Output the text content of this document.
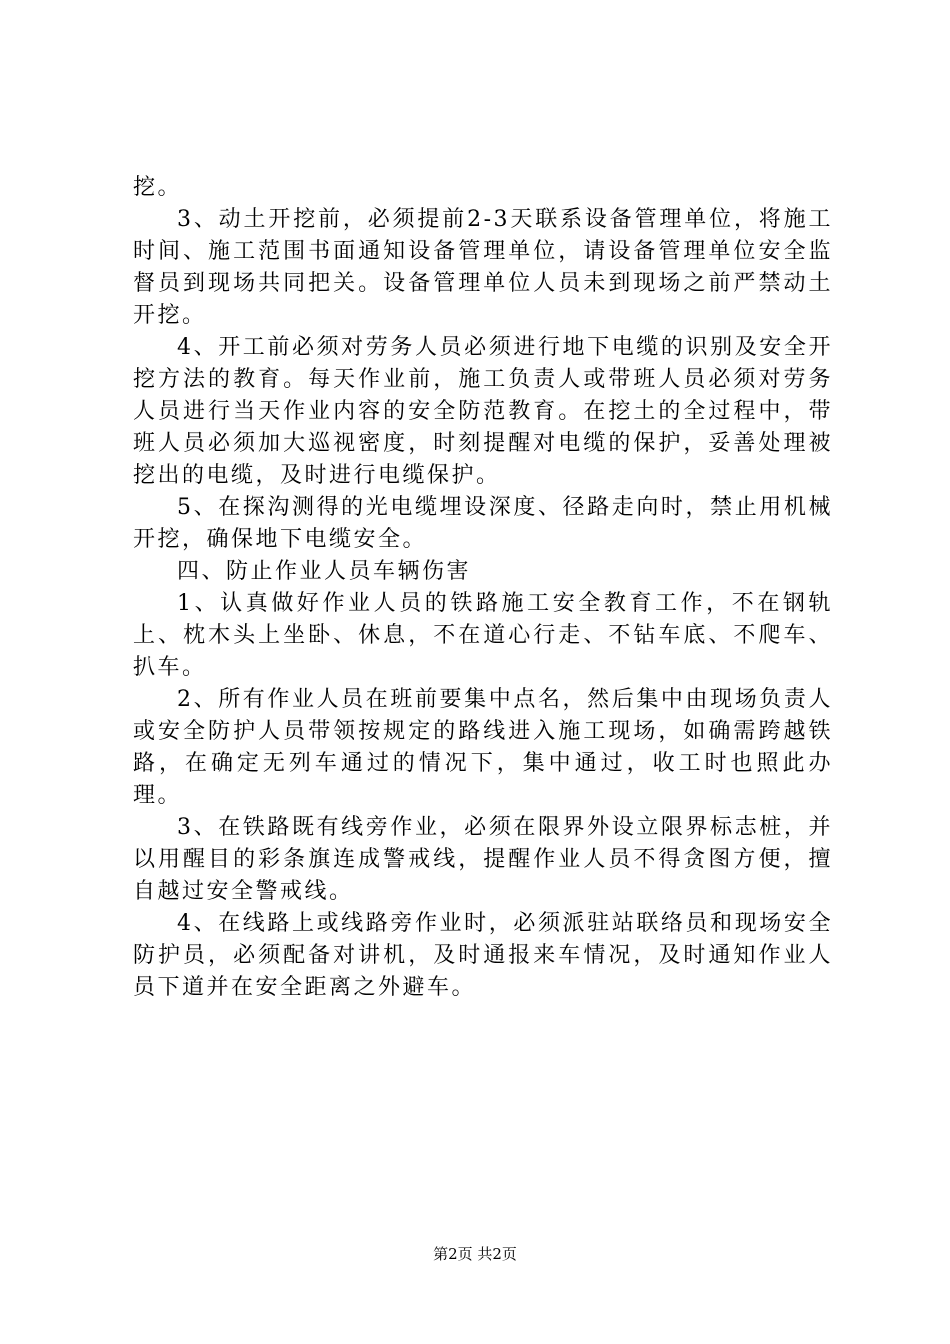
挖。

3、动土开挖前，必须提前2-3天联系设备管理单位，将施工时间、施工范围书面通知设备管理单位，请设备管理单位安全监督员到现场共同把关。设备管理单位人员未到现场之前严禁动土开挖。

4、开工前必须对劳务人员必须进行地下电缆的识别及安全开挖方法的教育。每天作业前，施工负责人或带班人员必须对劳务人员进行当天作业内容的安全防范教育。在挖土的全过程中，带班人员必须加大巡视密度，时刻提醒对电缆的保护，妥善处理被挖出的电缆，及时进行电缆保护。

5、在探沟测得的光电缆埋设深度、径路走向时，禁止用机械开挖，确保地下电缆安全。

四、防止作业人员车辆伤害

1、认真做好作业人员的铁路施工安全教育工作，不在钢轨上、枕木头上坐卧、休息，不在道心行走、不钻车底、不爬车、扒车。

2、所有作业人员在班前要集中点名，然后集中由现场负责人或安全防护人员带领按规定的路线进入施工现场，如确需跨越铁路，在确定无列车通过的情况下，集中通过，收工时也照此办理。

3、在铁路既有线旁作业，必须在限界外设立限界标志桩，并以用醒目的彩条旗连成警戒线，提醒作业人员不得贪图方便，擅自越过安全警戒线。

4、在线路上或线路旁作业时，必须派驻站联络员和现场安全防护员，必须配备对讲机，及时通报来车情况，及时通知作业人员下道并在安全距离之外避车。

第2页 共2页
